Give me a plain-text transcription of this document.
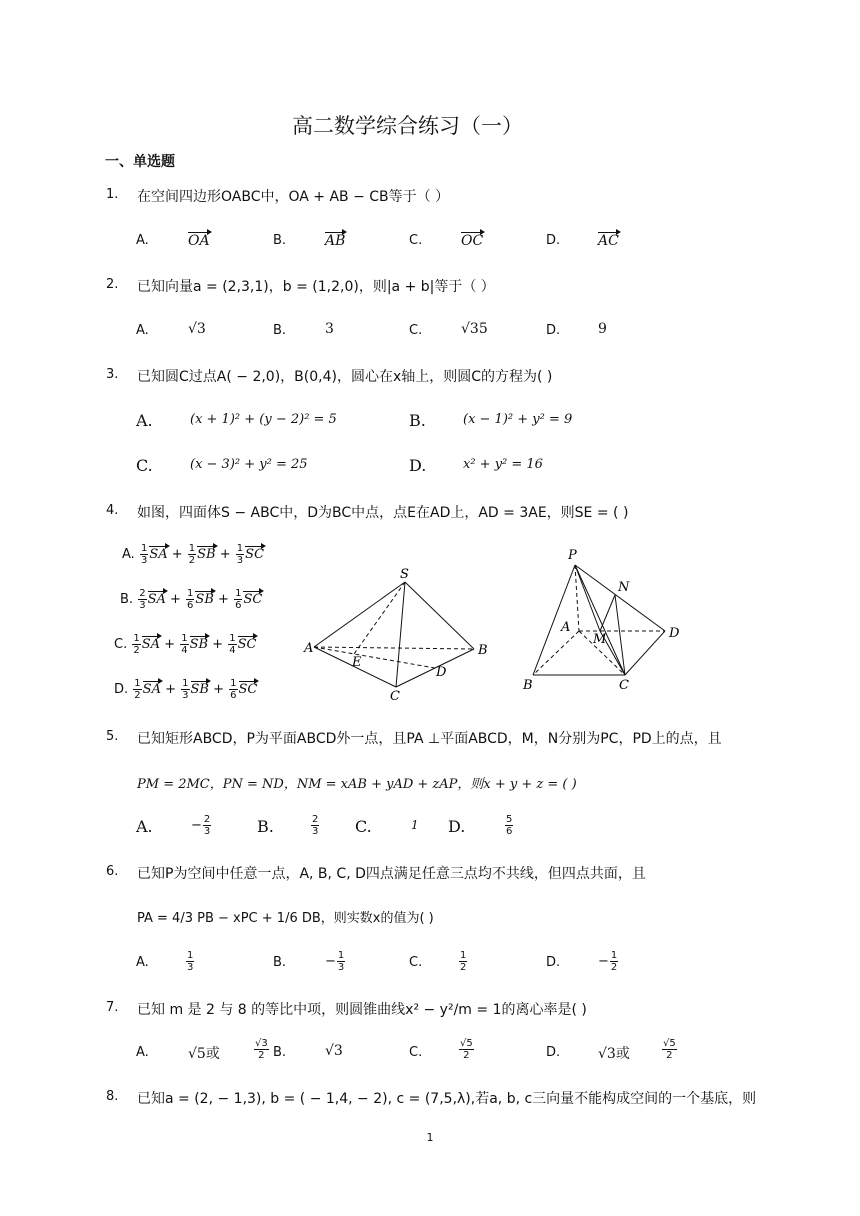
高二数学综合练习（一）
一、单选题
1. 在空间四边形OABC中，OA + AB − CB等于（ ）
A.	B.	C.	D.
OA	AB	OC	AC
2. 已知向量a = (2,3,1)，b = (1,2,0)，则|a + b|等于（ ）
A.	B.	C.	D.
√3	3	√35	9
3. 已知圆C过点A( − 2,0)，B(0,4)，圆心在x轴上，则圆C的方程为( )
A.	B.
C.	D.
(x + 1)² + (y − 2)² = 5	(x − 1)² + y² = 9
(x − 3)² + y² = 25	x² + y² = 16
4. 如图，四面体S − ABC中，D为BC中点，点E在AD上，AD = 3AE，则SE = ( )
A. $\frac{1}{3}$ SA + $\frac{1}{2}$ SB + $\frac{1}{3}$ SC
B. $\frac{2}{3}$ SA + $\frac{1}{6}$ SB + $\frac{1}{6}$ SC
C. $\frac{1}{2}$ SA + $\frac{1}{4}$ SB + $\frac{1}{4}$ SC
D. $\frac{1}{2}$ SA + $\frac{1}{3}$ SB + $\frac{1}{6}$ SC
S
A	B
E
D
C
P
N
A
M	D
B	C
5. 已知矩形ABCD，P为平面ABCD外一点，且PA ⊥平面ABCD，M，N分别为PC，PD上的点，且
PM = 2MC，PN = ND，NM = xAB + yAD + zAP，则x + y + z = ( )
A.	B.	C.	D.
− $\frac{2}{3}$	$\frac{2}{3}$	1	$\frac{5}{6}$
6. 已知P为空间中任意一点，A, B, C, D四点满足任意三点均不共线，但四点共面，且
PA = 4/3 PB − xPC + 1/6 DB，则实数x的值为( )
A.	B.	C.	D.
$\frac{1}{3}$	− $\frac{1}{3}$	$\frac{1}{2}$	− $\frac{1}{2}$
7. 已知 m 是 2 与 8 的等比中项，则圆锥曲线x² − y²/m = 1的离心率是( )
A.	√5或	$\frac{√3}{2} B$.	√3	C.	$\frac{√5}{2}$	D.	√3或	$\frac{√5}{2}$
8. 已知a = (2, − 1,3), b = ( − 1,4, − 2), c = (7,5,λ),若a, b, c三向量不能构成空间的一个基底，则
1
